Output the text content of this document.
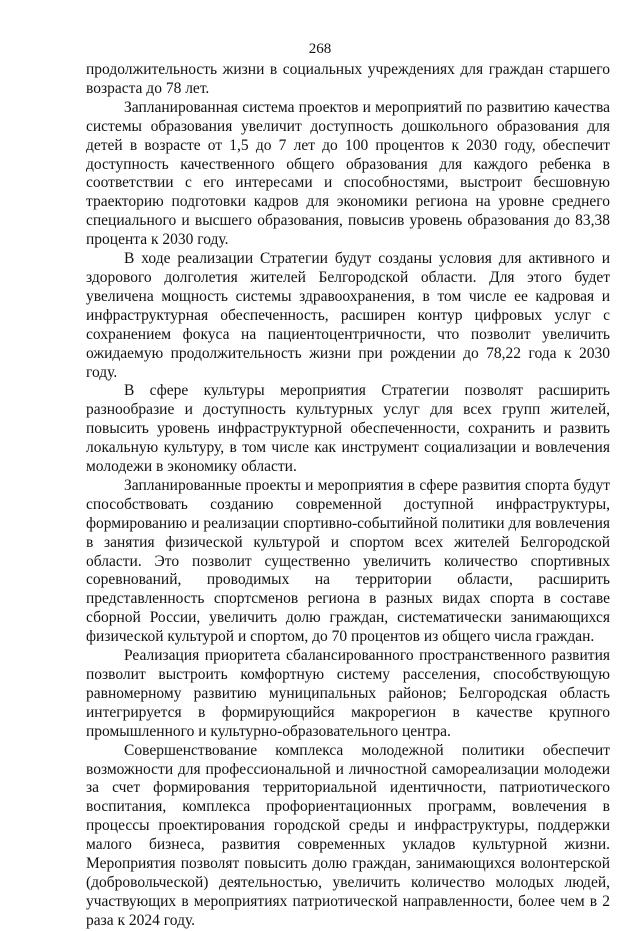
268

продолжительность жизни в социальных учреждениях для граждан старшего возраста до 78 лет.

Запланированная система проектов и мероприятий по развитию качества системы образования увеличит доступность дошкольного образования для детей в возрасте от 1,5 до 7 лет до 100 процентов к 2030 году, обеспечит доступность качественного общего образования для каждого ребенка в соответствии с его интересами и способностями, выстроит бесшовную траекторию подготовки кадров для экономики региона на уровне среднего специального и высшего образования, повысив уровень образования до 83,38 процента к 2030 году.

В ходе реализации Стратегии будут созданы условия для активного и здорового долголетия жителей Белгородской области. Для этого будет увеличена мощность системы здравоохранения, в том числе ее кадровая и инфраструктурная обеспеченность, расширен контур цифровых услуг с сохранением фокуса на пациентоцентричности, что позволит увеличить ожидаемую продолжительность жизни при рождении до 78,22 года к 2030 году.

В сфере культуры мероприятия Стратегии позволят расширить разнообразие и доступность культурных услуг для всех групп жителей, повысить уровень инфраструктурной обеспеченности, сохранить и развить локальную культуру, в том числе как инструмент социализации и вовлечения молодежи в экономику области.

Запланированные проекты и мероприятия в сфере развития спорта будут способствовать созданию современной доступной инфраструктуры, формированию и реализации спортивно-событийной политики для вовлечения в занятия физической культурой и спортом всех жителей Белгородской области. Это позволит существенно увеличить количество спортивных соревнований, проводимых на территории области, расширить представленность спортсменов региона в разных видах спорта в составе сборной России, увеличить долю граждан, систематически занимающихся физической культурой и спортом, до 70 процентов из общего числа граждан.

Реализация приоритета сбалансированного пространственного развития позволит выстроить комфортную систему расселения, способствующую равномерному развитию муниципальных районов; Белгородская область интегрируется в формирующийся макрорегион в качестве крупного промышленного и культурно-образовательного центра.

Совершенствование комплекса молодежной политики обеспечит возможности для профессиональной и личностной самореализации молодежи за счет формирования территориальной идентичности, патриотического воспитания, комплекса профориентационных программ, вовлечения в процессы проектирования городской среды и инфраструктуры, поддержки малого бизнеса, развития современных укладов культурной жизни. Мероприятия позволят повысить долю граждан, занимающихся волонтерской (добровольческой) деятельностью, увеличить количество молодых людей, участвующих в мероприятиях патриотической направленности, более чем в 2 раза к 2024 году.
